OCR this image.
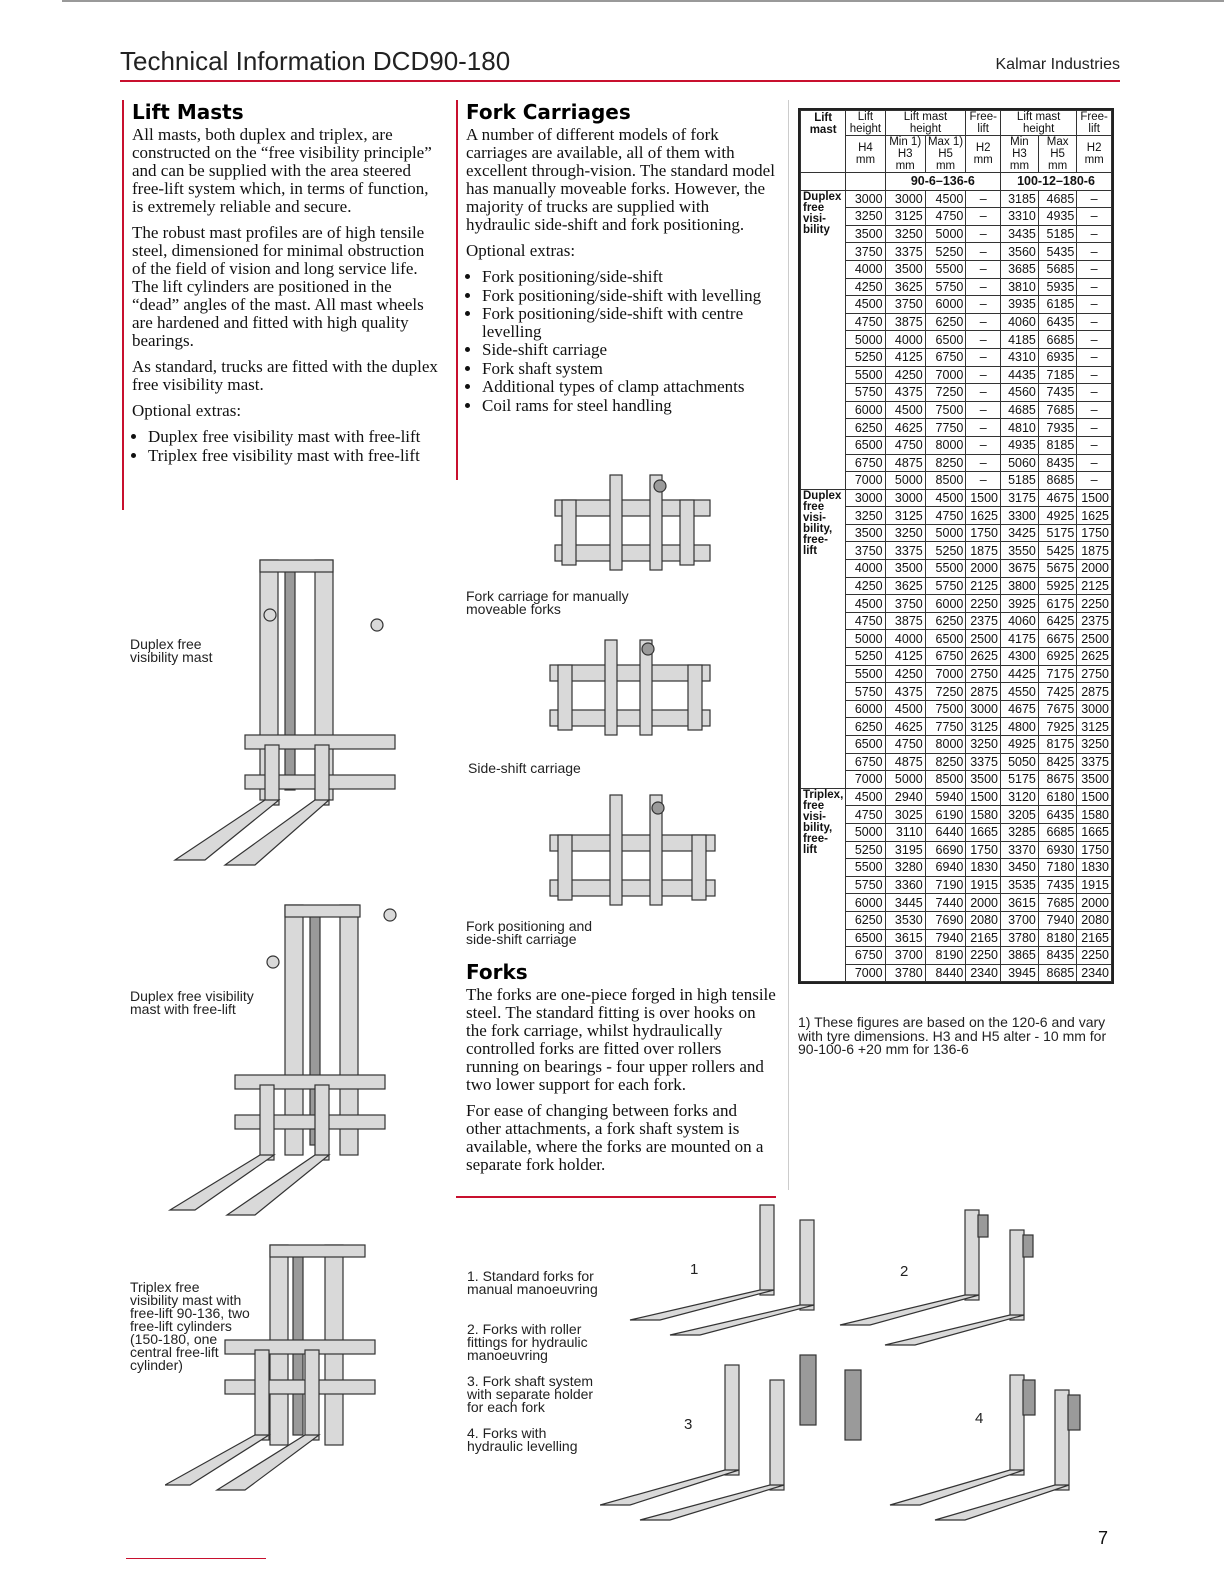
Technical Information DCD90-180	Kalmar Industries
Lift Masts

All masts, both duplex and triplex, are constructed on the “free visibility principle” and can be supplied with the area steered free-lift system which, in terms of function, is extremely reliable and secure.

The robust mast profiles are of high tensile steel, dimensioned for minimal obstruction of the field of vision and long service life. The lift cylinders are positioned in the “dead” angles of the mast. All mast wheels are hardened and fitted with high quality bearings.

As standard, trucks are fitted with the duplex free visibility mast.

Optional extras:

• Duplex free visibility mast with free-lift
• Triplex free visibility mast with free-lift
Duplex free visibility mast
Duplex free visibility mast with free-lift
Triplex free visibility mast with free-lift 90-136, two free-lift cylinders (150-180, one central free-lift cylinder)
Fork Carriages

A number of different models of fork carriages are available, all of them with excellent through-vision. The standard model has manually moveable forks. However, the majority of trucks are supplied with hydraulic side-shift and fork positioning.

Optional extras:

• Fork positioning/side-shift
• Fork positioning/side-shift with levelling
• Fork positioning/side-shift with centre levelling
• Side-shift carriage
• Fork shaft system
• Additional types of clamp attachments
• Coil rams for steel handling
Fork carriage for manually moveable forks
Side-shift carriage
Fork positioning and side-shift carriage
Forks

The forks are one-piece forged in high tensile steel. The standard fitting is over hooks on the fork carriage, whilst hydraulically controlled forks are fitted over rollers running on bearings - four upper rollers and two lower support for each fork.

For ease of changing between forks and other attachments, a fork shaft system is available, where the forks are mounted on a separate fork holder.

1. Standard forks for manual manoeuvring
2. Forks with roller fittings for hydraulic manoeuvring
3. Fork shaft system with separate holder for each fork
4. Forks with hydraulic levelling
1	2
3	4
Lift mast	Lift height	Lift mast height		Free-lift	Lift mast height		Free-lift
	H4 mm	Min 1) H3 mm	Max 1) H5 mm	H2 mm	Min H3 mm	Max H5 mm	H2 mm
		90-6–136-6			100-12–180-6		
Duplex free visi- bility	3000	3000	4500	–	3185	4685	–
	3250	3125	4750	–	3310	4935	–
	3500	3250	5000	–	3435	5185	–
	3750	3375	5250	–	3560	5435	–
	4000	3500	5500	–	3685	5685	–
	4250	3625	5750	–	3810	5935	–
	4500	3750	6000	–	3935	6185	–
	4750	3875	6250	–	4060	6435	–
	5000	4000	6500	–	4185	6685	–
	5250	4125	6750	–	4310	6935	–
	5500	4250	7000	–	4435	7185	–
	5750	4375	7250	–	4560	7435	–
	6000	4500	7500	–	4685	7685	–
	6250	4625	7750	–	4810	7935	–
	6500	4750	8000	–	4935	8185	–
	6750	4875	8250	–	5060	8435	–
	7000	5000	8500	–	5185	8685	–
Duplex free visi- bility, free- lift	3000	3000	4500	1500	3175	4675	1500
	3250	3125	4750	1625	3300	4925	1625
	3500	3250	5000	1750	3425	5175	1750
	3750	3375	5250	1875	3550	5425	1875
	4000	3500	5500	2000	3675	5675	2000
	4250	3625	5750	2125	3800	5925	2125
	4500	3750	6000	2250	3925	6175	2250
	4750	3875	6250	2375	4060	6425	2375
	5000	4000	6500	2500	4175	6675	2500
	5250	4125	6750	2625	4300	6925	2625
	5500	4250	7000	2750	4425	7175	2750
	5750	4375	7250	2875	4550	7425	2875
	6000	4500	7500	3000	4675	7675	3000
	6250	4625	7750	3125	4800	7925	3125
	6500	4750	8000	3250	4925	8175	3250
	6750	4875	8250	3375	5050	8425	3375
	7000	5000	8500	3500	5175	8675	3500
Triplex, free visi- bility, free- lift	4500	2940	5940	1500	3120	6180	1500
	4750	3025	6190	1580	3205	6435	1580
	5000	3110	6440	1665	3285	6685	1665
	5250	3195	6690	1750	3370	6930	1750
	5500	3280	6940	1830	3450	7180	1830
	5750	3360	7190	1915	3535	7435	1915
	6000	3445	7440	2000	3615	7685	2000
	6250	3530	7690	2080	3700	7940	2080
	6500	3615	7940	2165	3780	8180	2165
	6750	3700	8190	2250	3865	8435	2250
	7000	3780	8440	2340	3945	8685	2340
1) These figures are based on the 120-6 and vary with tyre dimensions. H3 and H5 alter - 10 mm for 90-100-6 +20 mm for 136-6
7
